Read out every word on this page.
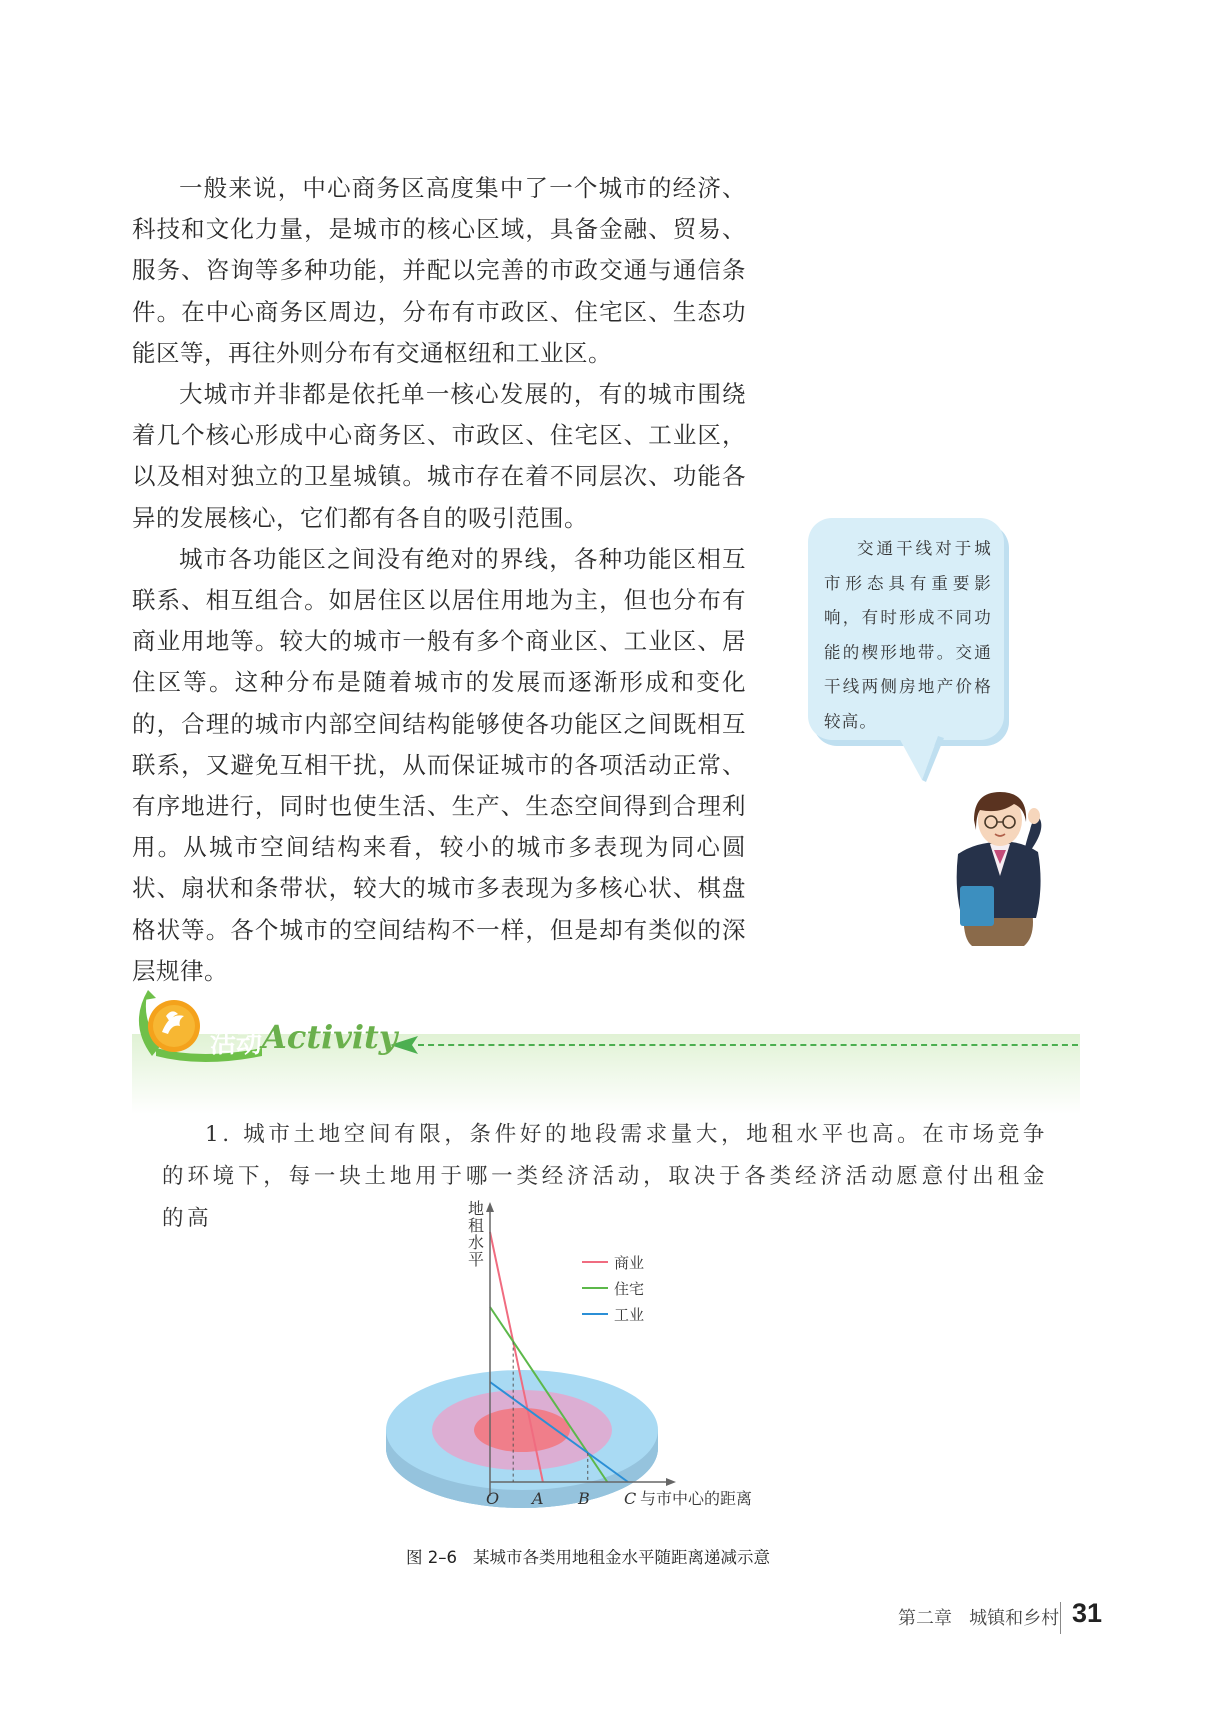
一般来说，中心商务区高度集中了一个城市的经济、科技和文化力量，是城市的核心区域，具备金融、贸易、服务、咨询等多种功能，并配以完善的市政交通与通信条件。在中心商务区周边，分布有市政区、住宅区、生态功能区等，再往外则分布有交通枢纽和工业区。

大城市并非都是依托单一核心发展的，有的城市围绕着几个核心形成中心商务区、市政区、住宅区、工业区，以及相对独立的卫星城镇。城市存在着不同层次、功能各异的发展核心，它们都有各自的吸引范围。

城市各功能区之间没有绝对的界线，各种功能区相互联系、相互组合。如居住区以居住用地为主，但也分布有商业用地等。较大的城市一般有多个商业区、工业区、居住区等。这种分布是随着城市的发展而逐渐形成和变化的，合理的城市内部空间结构能够使各功能区之间既相互联系，又避免互相干扰，从而保证城市的各项活动正常、有序地进行，同时也使生活、生产、生态空间得到合理利用。从城市空间结构来看，较小的城市多表现为同心圆状、扇状和条带状，较大的城市多表现为多核心状、棋盘格状等。各个城市的空间结构不一样，但是却有类似的深层规律。

交通干线对于城市形态具有重要影响，有时形成不同功能的楔形地带。交通干线两侧房地产价格较高。
活动 Activity

1. 城市土地空间有限，条件好的地段需求量大，地租水平也高。在市场竞争的环境下，每一块土地用于哪一类经济活动，取决于各类经济活动愿意付出租金的高

O A B C
商业
住宅
工业
地租水平
与市中心的距离
图 2–6 某城市各类用地租金水平随距离递减示意
第二章 城镇和乡村 31
